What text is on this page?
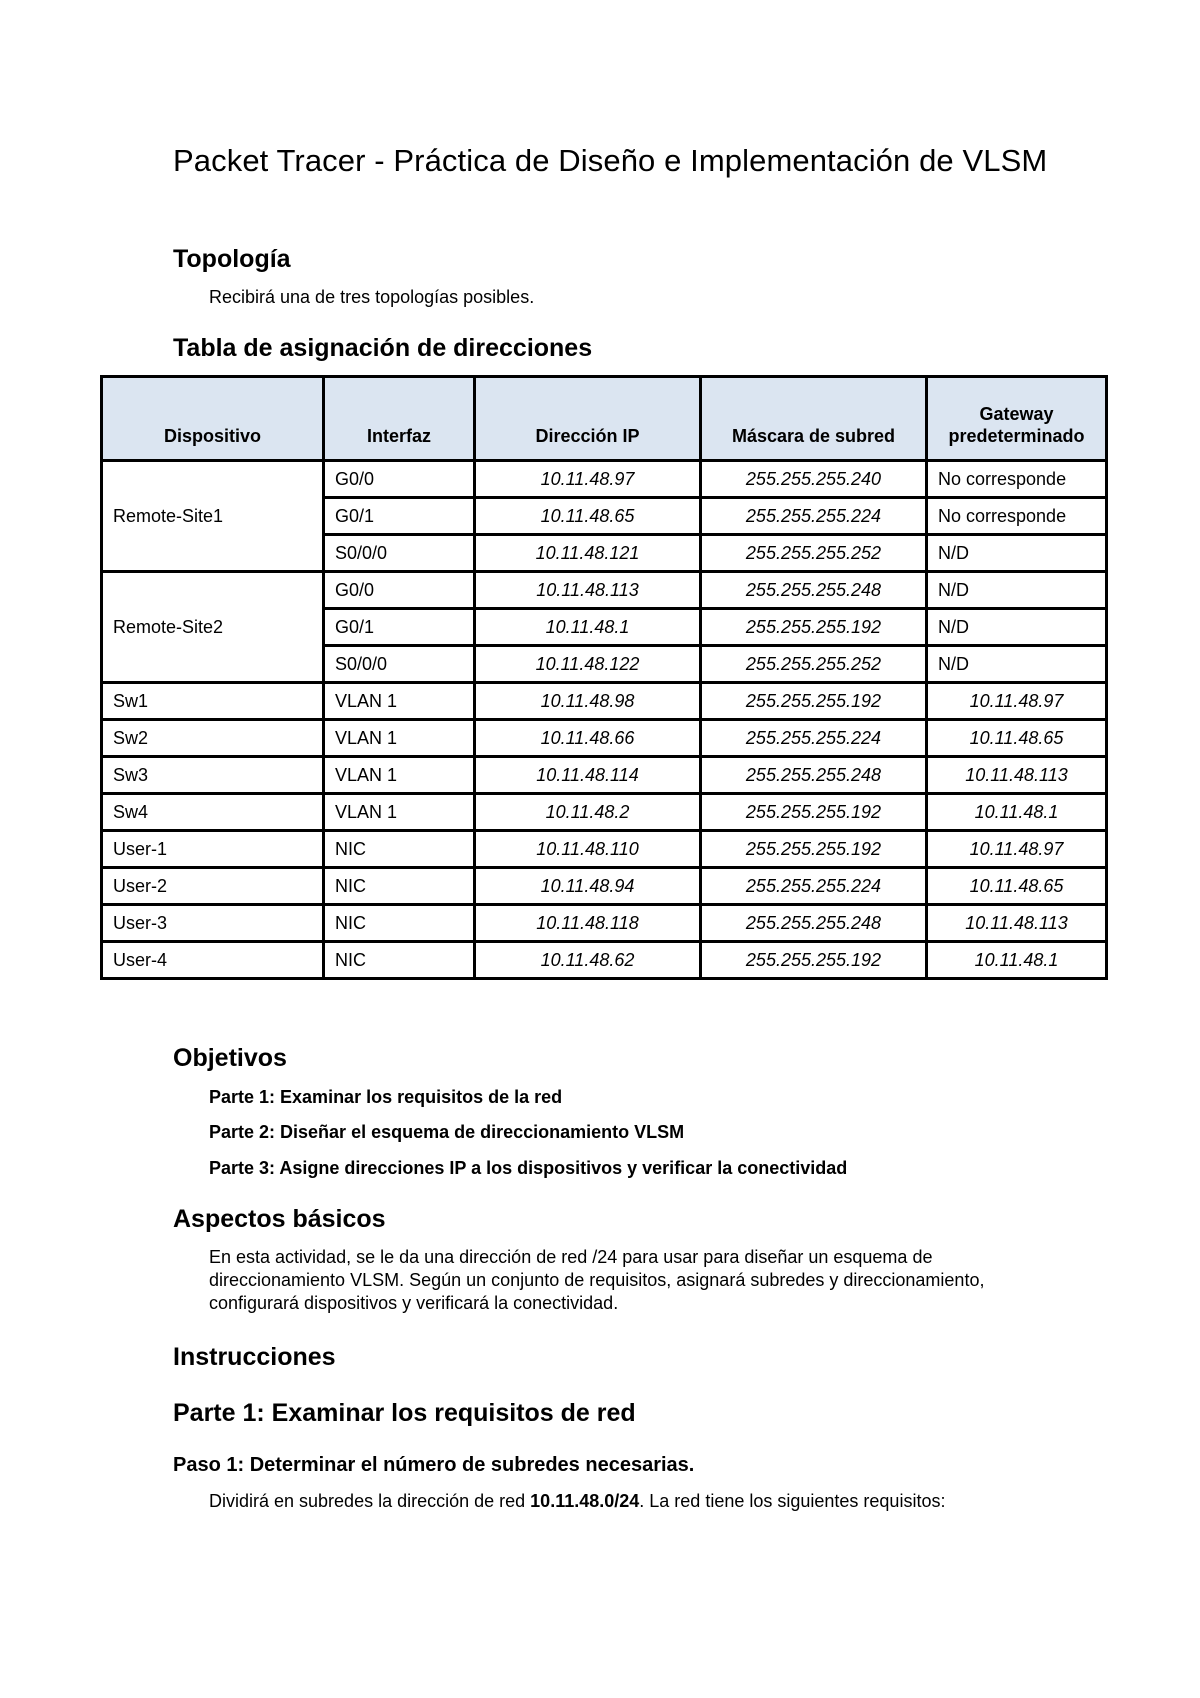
Packet Tracer - Práctica de Diseño e Implementación de VLSM
Topología

Recibirá una de tres topologías posibles.

Tabla de asignación de direcciones
Dispositivo	Interfaz	Dirección IP	Máscara de subred	Gateway
predeterminado
Remote-Site1	G0/0	10.11.48.97	255.255.255.240	No corresponde
	G0/1	10.11.48.65	255.255.255.224	No corresponde
	S0/0/0	10.11.48.121	255.255.255.252	N/D
Remote-Site2	G0/0	10.11.48.113	255.255.255.248	N/D
	G0/1	10.11.48.1	255.255.255.192	N/D
	S0/0/0	10.11.48.122	255.255.255.252	N/D
Sw1	VLAN 1	10.11.48.98	255.255.255.192	10.11.48.97
Sw2	VLAN 1	10.11.48.66	255.255.255.224	10.11.48.65
Sw3	VLAN 1	10.11.48.114	255.255.255.248	10.11.48.113
Sw4	VLAN 1	10.11.48.2	255.255.255.192	10.11.48.1
User-1	NIC	10.11.48.110	255.255.255.192	10.11.48.97
User-2	NIC	10.11.48.94	255.255.255.224	10.11.48.65
User-3	NIC	10.11.48.118	255.255.255.248	10.11.48.113
User-4	NIC	10.11.48.62	255.255.255.192	10.11.48.1
Objetivos

Parte 1: Examinar los requisitos de la red

Parte 2: Diseñar el esquema de direccionamiento VLSM

Parte 3: Asigne direcciones IP a los dispositivos y verificar la conectividad

Aspectos básicos

En esta actividad, se le da una dirección de red /24 para usar para diseñar un esquema de direccionamiento VLSM. Según un conjunto de requisitos, asignará subredes y direccionamiento, configurará dispositivos y verificará la conectividad.

Instrucciones
Parte 1: Examinar los requisitos de red
Paso 1: Determinar el número de subredes necesarias.

Dividirá en subredes la dirección de red 10.11.48.0/24. La red tiene los siguientes requisitos:
